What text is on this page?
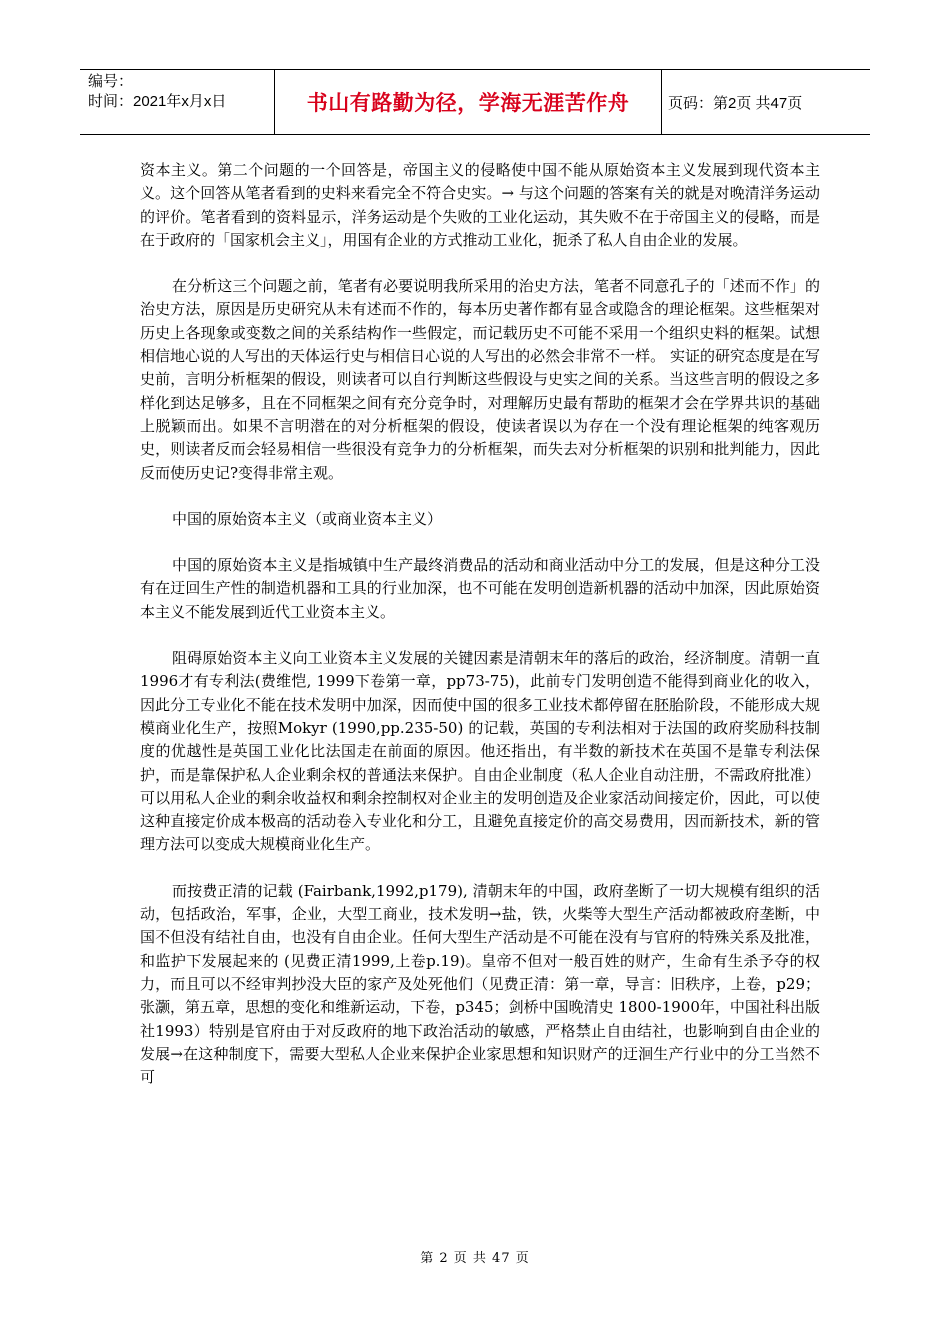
编号：
时间：2021年x月x日	书山有路勤为径，学海无涯苦作舟	页码：第2页 共47页

资本主义。第二个问题的一个回答是，帝国主义的侵略使中国不能从原始资本主义发展到现代资本主义。这个回答从笔者看到的史料来看完全不符合史实。→ 与这个问题的答案有关的就是对晚清洋务运动的评价。笔者看到的资料显示，洋务运动是个失败的工业化运动，其失败不在于帝国主义的侵略，而是在于政府的「国家机会主义」，用国有企业的方式推动工业化，扼杀了私人自由企业的发展。

在分析这三个问题之前，笔者有必要说明我所采用的治史方法，笔者不同意孔子的「述而不作」的治史方法，原因是历史研究从未有述而不作的，每本历史著作都有显含或隐含的理论框架。这些框架对历史上各现象或变数之间的关系结构作一些假定，而记载历史不可能不采用一个组织史料的框架。试想相信地心说的人写出的天体运行史与相信日心说的人写出的必然会非常不一样。 实证的研究态度是在写史前，言明分析框架的假设，则读者可以自行判断这些假设与史实之间的关系。当这些言明的假设之多样化到达足够多，且在不同框架之间有充分竞争时，对理解历史最有帮助的框架才会在学界共识的基础上脱颖而出。如果不言明潜在的对分析框架的假设，使读者误以为存在一个没有理论框架的纯客观历史，则读者反而会轻易相信一些很没有竞争力的分析框架，而失去对分析框架的识别和批判能力，因此反而使历史记?变得非常主观。

中国的原始资本主义（或商业资本主义）

中国的原始资本主义是指城镇中生产最终消费品的活动和商业活动中分工的发展，但是这种分工没有在迂回生产性的制造机器和工具的行业加深，也不可能在发明创造新机器的活动中加深，因此原始资本主义不能发展到近代工业资本主义。

阻碍原始资本主义向工业资本主义发展的关键因素是清朝末年的落后的政治，经济制度。清朝一直1996才有专利法(费维恺, 1999下卷第一章，pp73-75)，此前专门发明创造不能得到商业化的收入，因此分工专业化不能在技术发明中加深，因而使中国的很多工业技术都停留在胚胎阶段，不能形成大规模商业化生产，按照Mokyr (1990,pp.235-50) 的记载，英国的专利法相对于法国的政府奖励科技制度的优越性是英国工业化比法国走在前面的原因。他还指出，有半数的新技术在英国不是靠专利法保护，而是靠保护私人企业剩余权的普通法来保护。自由企业制度（私人企业自动注册，不需政府批准）可以用私人企业的剩余收益权和剩余控制权对企业主的发明创造及企业家活动间接定价，因此，可以使这种直接定价成本极高的活动卷入专业化和分工，且避免直接定价的高交易费用，因而新技术，新的管理方法可以变成大规模商业化生产。

而按费正清的记载 (Fairbank,1992,p179), 清朝末年的中国，政府垄断了一切大规模有组织的活动，包括政治，军事，企业，大型工商业，技术发明→盐，铁，火柴等大型生产活动都被政府垄断，中国不但没有结社自由，也没有自由企业。任何大型生产活动是不可能在没有与官府的特殊关系及批准，和监护下发展起来的 (见费正清1999,上卷p.19)。皇帝不但对一般百姓的财产，生命有生杀予夺的权力，而且可以不经审判抄没大臣的家产及处死他们（见费正清：第一章，导言：旧秩序，上卷，p29；张灏，第五章，思想的变化和维新运动，下卷，p345；剑桥中国晚清史 1800-1900年，中国社科出版社1993）特别是官府由于对反政府的地下政治活动的敏感，严格禁止自由结社，也影响到自由企业的发展→在这种制度下，需要大型私人企业来保护企业家思想和知识财产的迂洄生产行业中的分工当然不可

第 2 页 共 47 页
